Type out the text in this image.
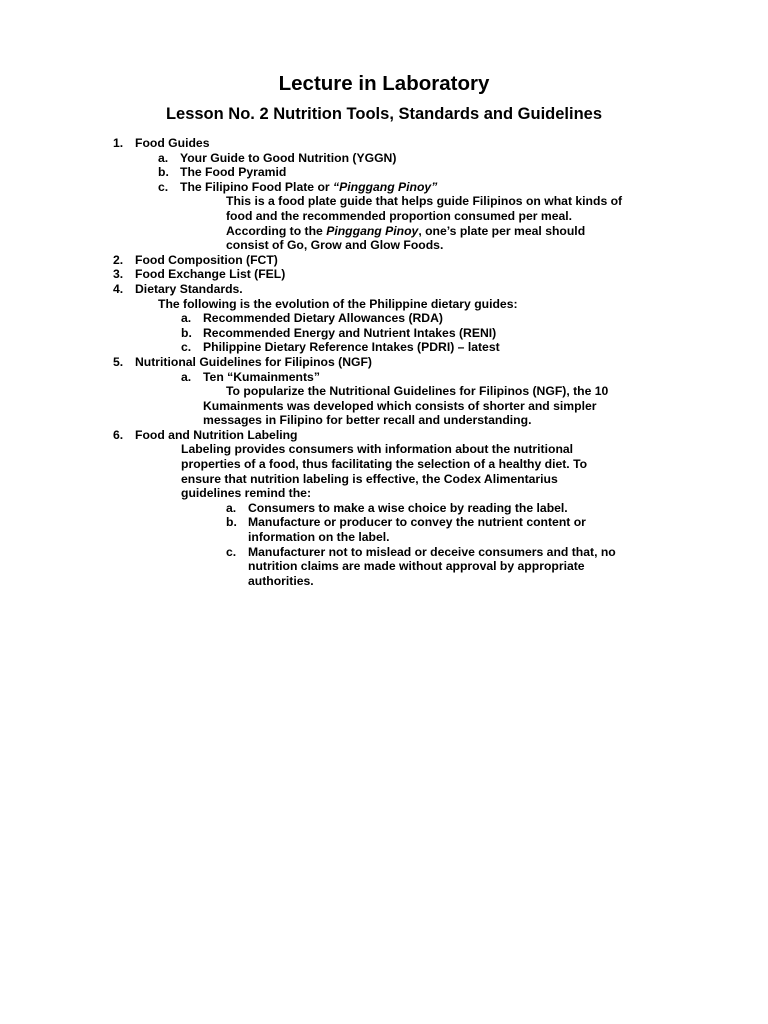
Lecture in Laboratory
Lesson No. 2 Nutrition Tools, Standards and Guidelines
1. Food Guides
a. Your Guide to Good Nutrition (YGGN)
b. The Food Pyramid
c. The Filipino Food Plate or “Pinggang Pinoy”
This is a food plate guide that helps guide Filipinos on what kinds of
food and the recommended proportion consumed per meal.
According to the Pinggang Pinoy, one’s plate per meal should
consist of Go, Grow and Glow Foods.
2. Food Composition (FCT)
3. Food Exchange List (FEL)
4. Dietary Standards.
The following is the evolution of the Philippine dietary guides:
a. Recommended Dietary Allowances (RDA)
b. Recommended Energy and Nutrient Intakes (RENI)
c. Philippine Dietary Reference Intakes (PDRI) – latest
5. Nutritional Guidelines for Filipinos (NGF)
a. Ten “Kumainments”
To popularize the Nutritional Guidelines for Filipinos (NGF), the 10
Kumainments was developed which consists of shorter and simpler
messages in Filipino for better recall and understanding.
6. Food and Nutrition Labeling
Labeling provides consumers with information about the nutritional
properties of a food, thus facilitating the selection of a healthy diet. To
ensure that nutrition labeling is effective, the Codex Alimentarius
guidelines remind the:
a. Consumers to make a wise choice by reading the label.
b. Manufacture or producer to convey the nutrient content or
information on the label.
c. Manufacturer not to mislead or deceive consumers and that, no
nutrition claims are made without approval by appropriate
authorities.
